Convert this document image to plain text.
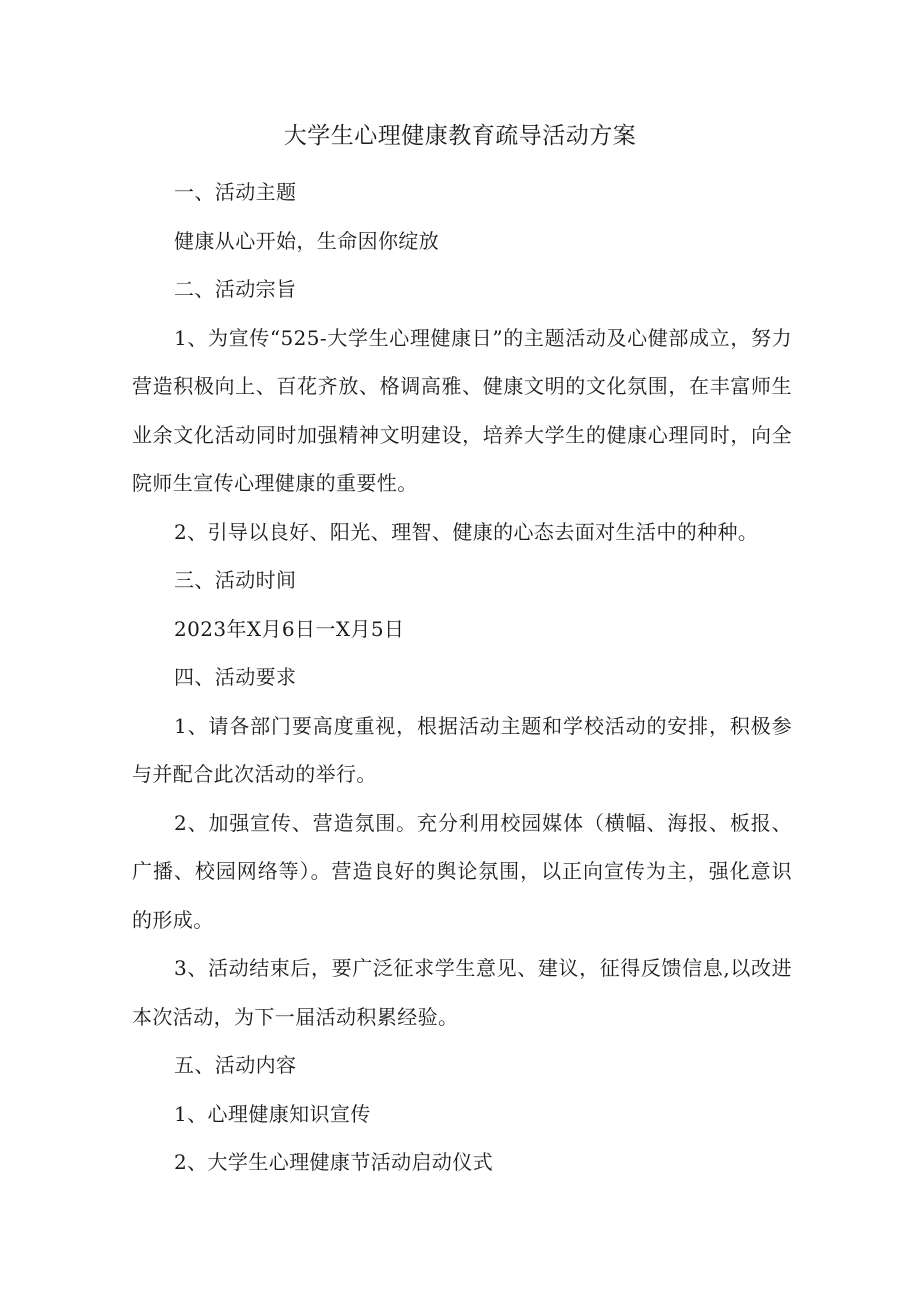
大学生心理健康教育疏导活动方案

一、活动主题

健康从心开始，生命因你绽放

二、活动宗旨

1、为宣传“525-大学生心理健康日”的主题活动及心健部成立，努力营造积极向上、百花齐放、格调高雅、健康文明的文化氛围，在丰富师生业余文化活动同时加强精神文明建设，培养大学生的健康心理同时，向全院师生宣传心理健康的重要性。

2、引导以良好、阳光、理智、健康的心态去面对生活中的种种。

三、活动时间

2023年X月6日一X月5日

四、活动要求

1、请各部门要高度重视，根据活动主题和学校活动的安排，积极参与并配合此次活动的举行。

2、加强宣传、营造氛围。充分利用校园媒体（横幅、海报、板报、广播、校园网络等）。营造良好的舆论氛围，以正向宣传为主，强化意识的形成。

3、活动结束后，要广泛征求学生意见、建议，征得反馈信息,以改进本次活动，为下一届活动积累经验。

五、活动内容

1、心理健康知识宣传

2、大学生心理健康节活动启动仪式
